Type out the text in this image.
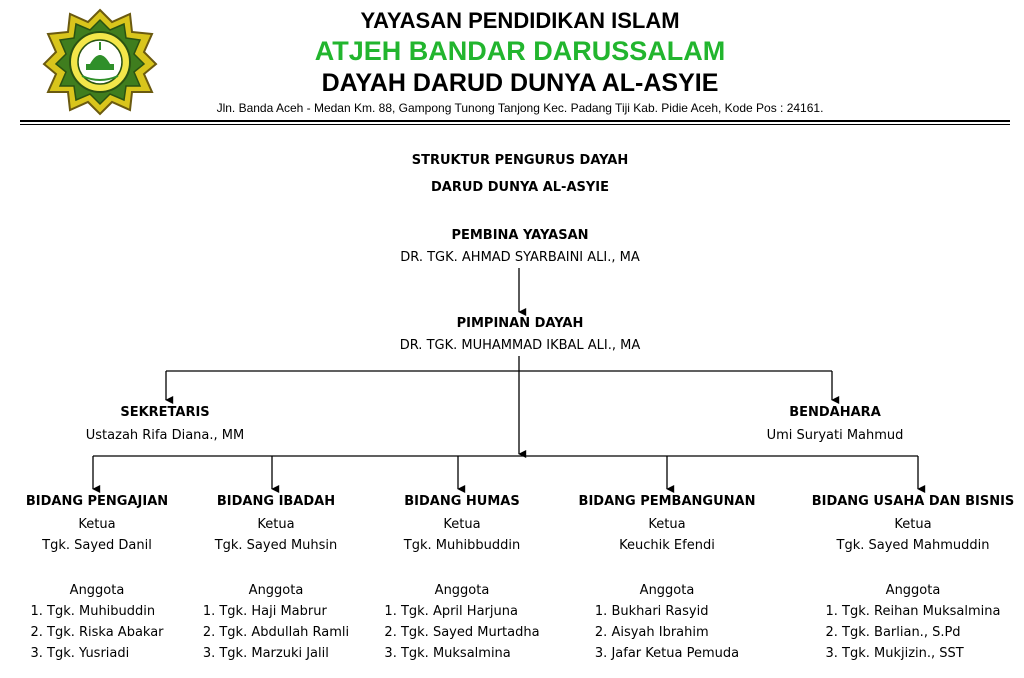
YAYASAN PENDIDIKAN ISLAM
ATJEH BANDAR DARUSSALAM
DAYAH DARUD DUNYA AL-ASYIE
Jln. Banda Aceh - Medan Km. 88, Gampong Tunong Tanjong Kec. Padang Tiji Kab. Pidie Aceh, Kode Pos : 24161.
STRUKTUR PENGURUS DAYAH
DARUD DUNYA AL-ASYIE
PEMBINA YAYASAN
DR. TGK. AHMAD SYARBAINI ALI., MA
PIMPINAN DAYAH
DR. TGK. MUHAMMAD IKBAL ALI., MA
SEKRETARIS
Ustazah Rifa Diana., MM
BENDAHARA
Umi Suryati Mahmud
BIDANG PENGAJIAN
Ketua
Tgk. Sayed Danil
Anggota
1. Tgk. Muhibuddin
2. Tgk. Riska Abakar
3. Tgk. Yusriadi
BIDANG IBADAH
Ketua
Tgk. Sayed Muhsin
Anggota
1. Tgk. Haji Mabrur
2. Tgk. Abdullah Ramli
3. Tgk. Marzuki Jalil
BIDANG HUMAS
Ketua
Tgk. Muhibbuddin
Anggota
1. Tgk. April Harjuna
2. Tgk. Sayed Murtadha
3. Tgk. Muksalmina
BIDANG PEMBANGUNAN
Ketua
Keuchik Efendi
Anggota
1. Bukhari Rasyid
2. Aisyah Ibrahim
3. Jafar Ketua Pemuda
BIDANG USAHA DAN BISNIS
Ketua
Tgk. Sayed Mahmuddin
Anggota
1. Tgk. Reihan Muksalmina
2. Tgk. Barlian., S.Pd
3. Tgk. Mukjizin., SST
